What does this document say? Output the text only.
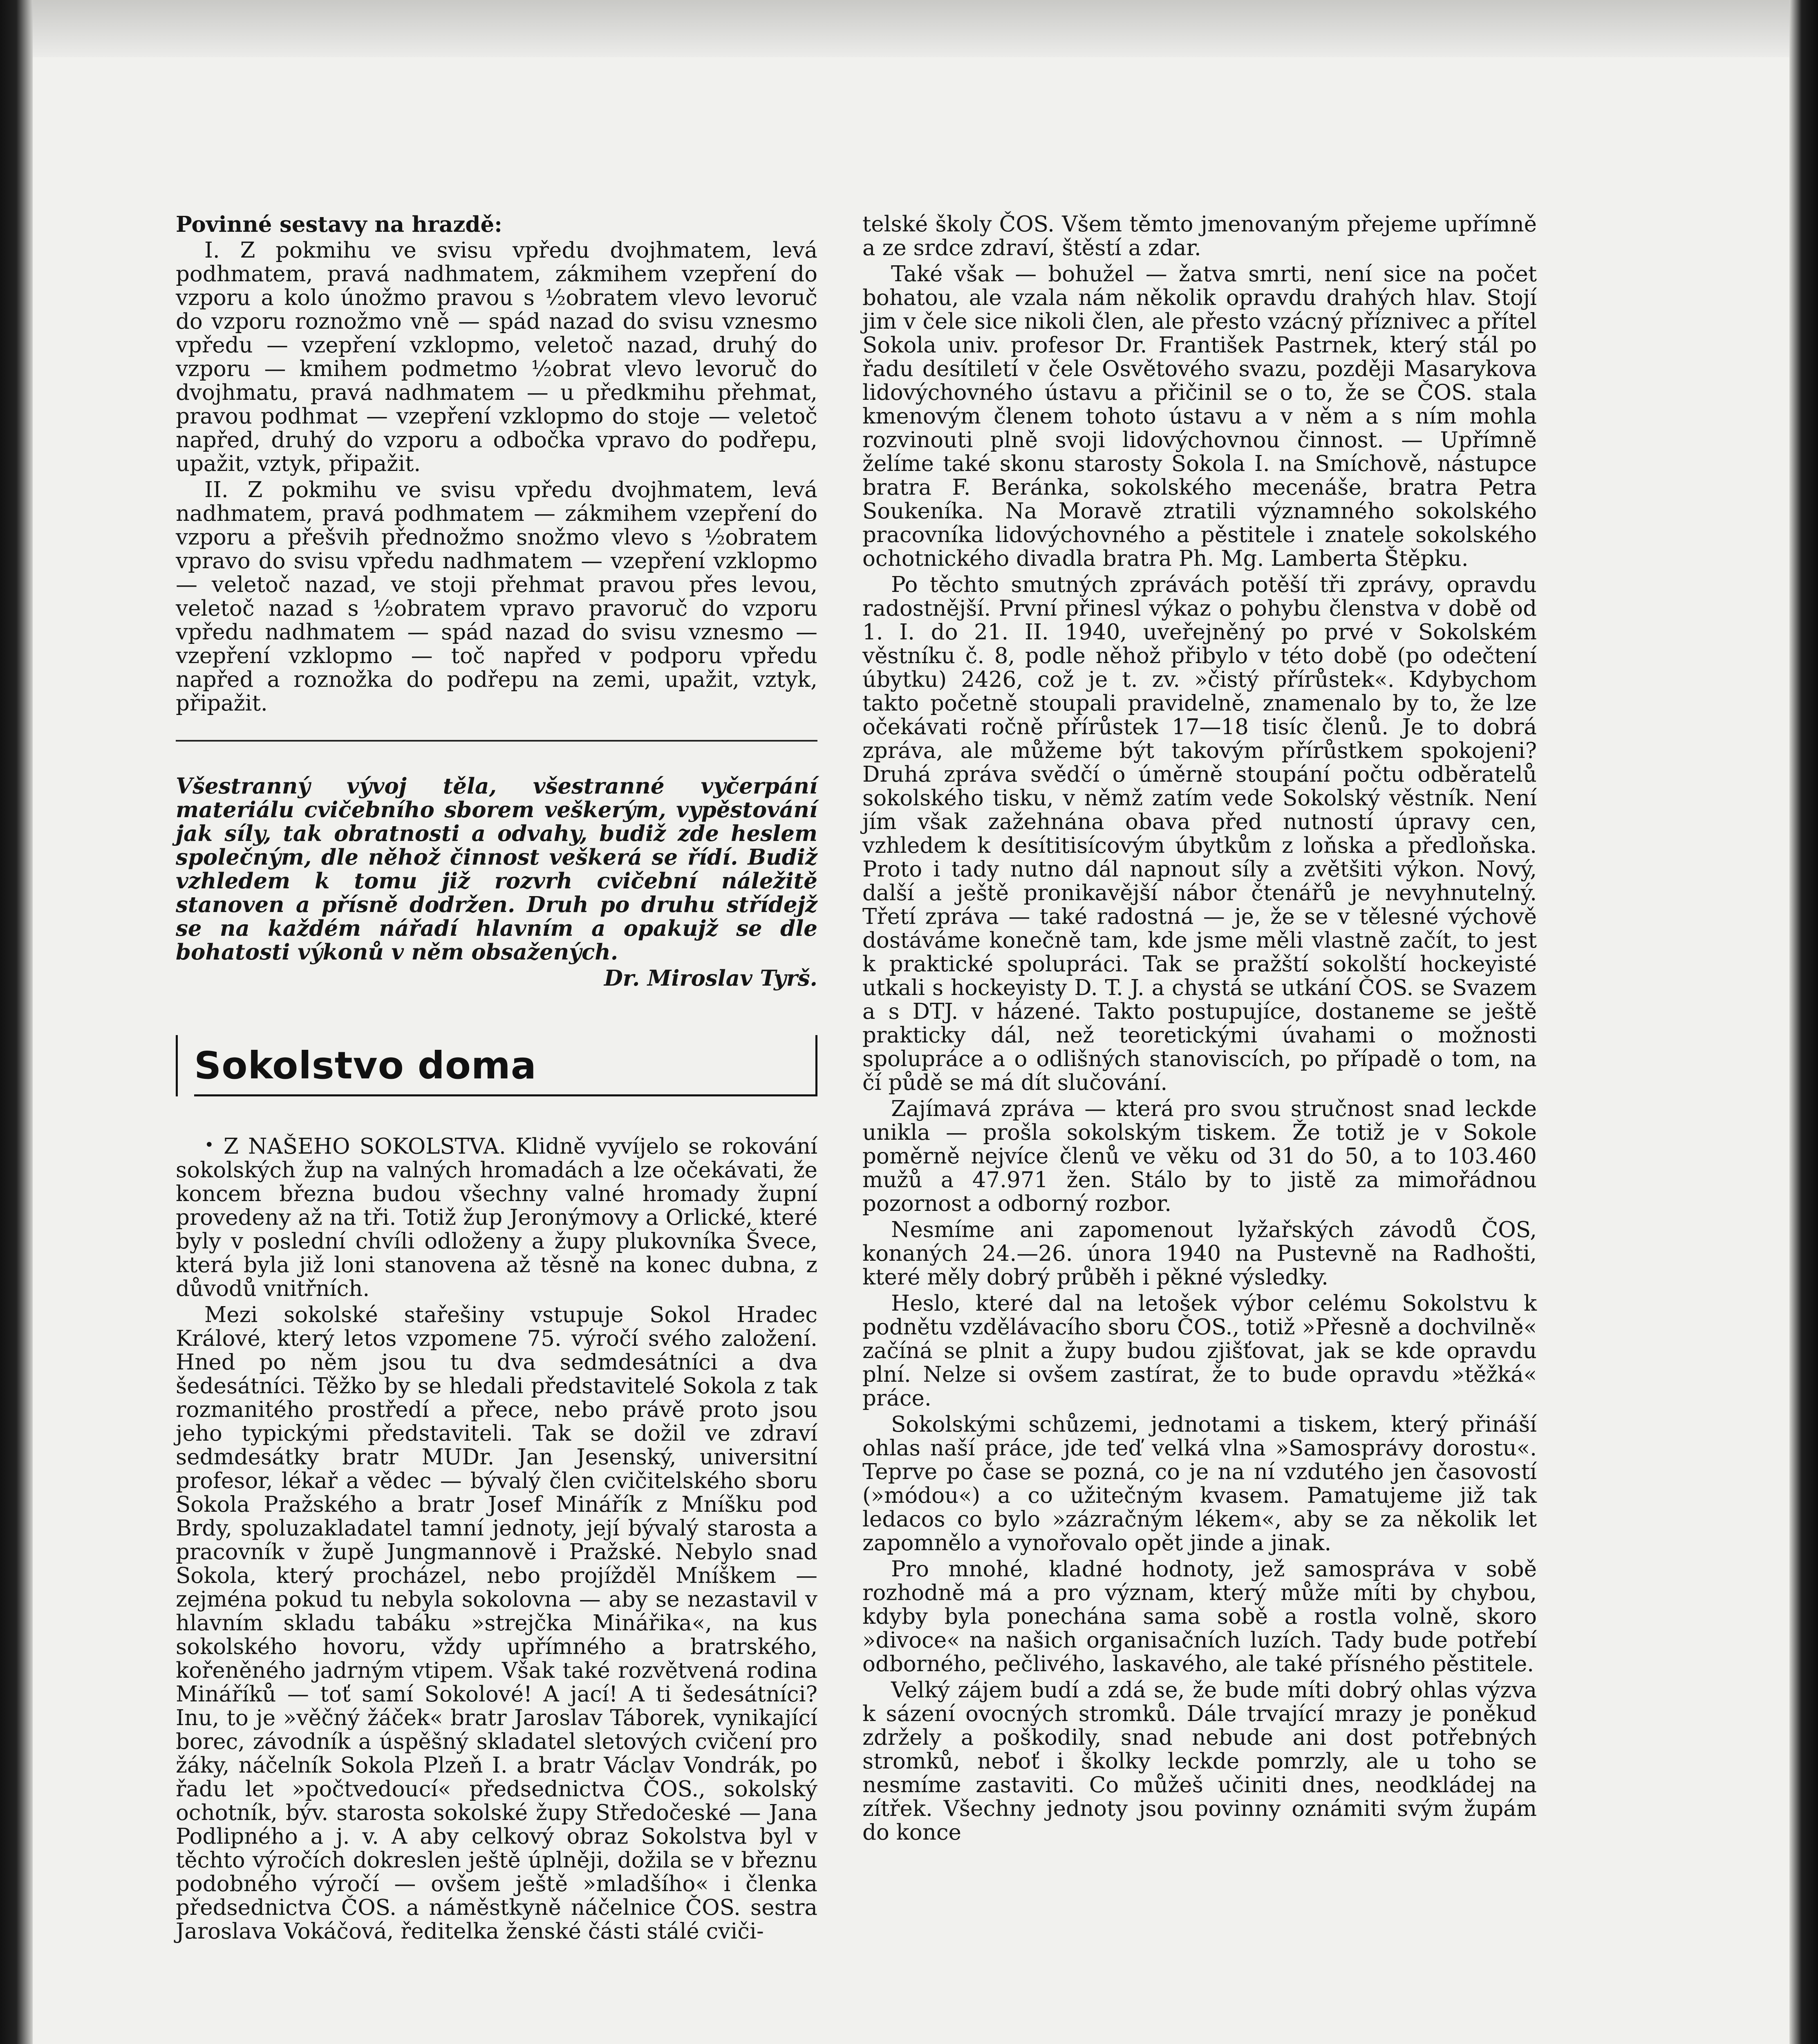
Povinné sestavy na hrazdě:

I. Z pokmihu ve svisu vpředu dvojhmatem, levá podhmatem, pravá nadhmatem, zákmihem vzepření do vzporu a kolo únožmo pravou s ½obratem vlevo levoruč do vzporu roznožmo vně — spád nazad do svisu vznesmo vpředu — vzepření vzklopmo, veletoč nazad, druhý do vzporu — kmihem podmetmo ½obrat vlevo levoruč do dvojhmatu, pravá nadhmatem — u předkmihu přehmat, pravou podhmat — vzepření vzklopmo do stoje — veletoč napřed, druhý do vzporu a odbočka vpravo do podřepu, upažit, vztyk, připažit.

II. Z pokmihu ve svisu vpředu dvojhmatem, levá nadhmatem, pravá podhmatem — zákmihem vzepření do vzporu a přešvih přednožmo snožmo vlevo s ½obratem vpravo do svisu vpředu nadhmatem — vzepření vzklopmo — veletoč nazad, ve stoji přehmat pravou přes levou, veletoč nazad s ½obratem vpravo pravoruč do vzporu vpředu nadhmatem — spád nazad do svisu vznesmo — vzepření vzklopmo — toč napřed v podporu vpředu napřed a roznožka do podřepu na zemi, upažit, vztyk, připažit.

Všestranný vývoj těla, všestranné vyčerpání materiálu cvičebního sborem veškerým, vypěstování jak síly, tak obratnosti a odvahy, budiž zde heslem společným, dle něhož činnost veškerá se řídí. Budiž vzhledem k tomu již rozvrh cvičební náležitě stanoven a přísně dodržen. Druh po druhu střídejž se na každém nářadí hlavním a opakujž se dle bohatosti výkonů v něm obsažených.

Dr. Miroslav Tyrš.
Sokolstvo doma

• Z NAŠEHO SOKOLSTVA. Klidně vyvíjelo se rokování sokolských žup na valných hromadách a lze očekávati, že koncem března budou všechny valné hromady župní provedeny až na tři. Totiž žup Jeronýmovy a Orlické, které byly v poslední chvíli odloženy a župy plukovníka Švece, která byla již loni stanovena až těsně na konec dubna, z důvodů vnitřních.

Mezi sokolské stařešiny vstupuje Sokol Hradec Králové, který letos vzpomene 75. výročí svého založení. Hned po něm jsou tu dva sedmdesátníci a dva šedesátníci. Těžko by se hledali představitelé Sokola z tak rozmanitého prostředí a přece, nebo právě proto jsou jeho typickými představiteli. Tak se dožil ve zdraví sedmdesátky bratr MUDr. Jan Jesenský, universitní profesor, lékař a vědec — bývalý člen cvičitelského sboru Sokola Pražského a bratr Josef Minářík z Mníšku pod Brdy, spoluzakladatel tamní jednoty, její bývalý starosta a pracovník v župě Jungmannově i Pražské. Nebylo snad Sokola, který procházel, nebo projížděl Mníškem — zejména pokud tu nebyla sokolovna — aby se nezastavil v hlavním skladu tabáku »strejčka Minářika«, na kus sokolského hovoru, vždy upřímného a bratrského, kořeněného jadrným vtipem. Však také rozvětvená rodina Mináříků — toť samí Sokolové! A jací! A ti šedesátníci? Inu, to je »věčný žáček« bratr Jaroslav Táborek, vynikající borec, závodník a úspěšný skladatel sletových cvičení pro žáky, náčelník Sokola Plzeň I. a bratr Václav Vondrák, po řadu let »počtvedoucí« předsednictva ČOS., sokolský ochotník, býv. starosta sokolské župy Středočeské — Jana Podlipného a j. v. A aby celkový obraz Sokolstva byl v těchto výročích dokreslen ještě úplněji, dožila se v březnu podobného výročí — ovšem ještě »mladšího« i členka předsednictva ČOS. a náměstkyně náčelnice ČOS. sestra Jaroslava Vokáčová, ředitelka ženské části stálé cviči-

telské školy ČOS. Všem těmto jmenovaným přejeme upřímně a ze srdce zdraví, štěstí a zdar.

Také však — bohužel — žatva smrti, není sice na počet bohatou, ale vzala nám několik opravdu drahých hlav. Stojí jim v čele sice nikoli člen, ale přesto vzácný příznivec a přítel Sokola univ. profesor Dr. František Pastrnek, který stál po řadu desítiletí v čele Osvětového svazu, později Masarykova lidovýchovného ústavu a přičinil se o to, že se ČOS. stala kmenovým členem tohoto ústavu a v něm a s ním mohla rozvinouti plně svoji lidovýchovnou činnost. — Upřímně želíme také skonu starosty Sokola I. na Smíchově, nástupce bratra F. Beránka, sokolského mecenáše, bratra Petra Soukeníka. Na Moravě ztratili významného sokolského pracovníka lidovýchovného a pěstitele i znatele sokolského ochotnického divadla bratra Ph. Mg. Lamberta Štěpku.

Po těchto smutných zprávách potěší tři zprávy, opravdu radostnější. První přinesl výkaz o pohybu členstva v době od 1. I. do 21. II. 1940, uveřejněný po prvé v Sokolském věstníku č. 8, podle něhož přibylo v této době (po odečtení úbytku) 2426, což je t. zv. »čistý přírůstek«. Kdybychom takto početně stoupali pravidelně, znamenalo by to, že lze očekávati ročně přírůstek 17—18 tisíc členů. Je to dobrá zpráva, ale můžeme být takovým přírůstkem spokojeni? Druhá zpráva svědčí o úměrně stoupání počtu odběratelů sokolského tisku, v němž zatím vede Sokolský věstník. Není jím však zažehnána obava před nutností úpravy cen, vzhledem k desítitisícovým úbytkům z loňska a předloňska. Proto i tady nutno dál napnout síly a zvětšiti výkon. Nový, další a ještě pronikavější nábor čtenářů je nevyhnutelný. Třetí zpráva — také radostná — je, že se v tělesné výchově dostáváme konečně tam, kde jsme měli vlastně začít, to jest k praktické spolupráci. Tak se pražští sokolští hockeyisté utkali s hockeyisty D. T. J. a chystá se utkání ČOS. se Svazem a s DTJ. v házené. Takto postupujíce, dostaneme se ještě prakticky dál, než teoretickými úvahami o možnosti spolupráce a o odlišných stanoviscích, po případě o tom, na čí půdě se má dít slučování.

Zajímavá zpráva — která pro svou stručnost snad leckde unikla — prošla sokolským tiskem. Že totiž je v Sokole poměrně nejvíce členů ve věku od 31 do 50, a to 103.460 mužů a 47.971 žen. Stálo by to jistě za mimořádnou pozornost a odborný rozbor.

Nesmíme ani zapomenout lyžařských závodů ČOS, konaných 24.—26. února 1940 na Pustevně na Radhošti, které měly dobrý průběh i pěkné výsledky.

Heslo, které dal na letošek výbor celému Sokolstvu k podnětu vzdělávacího sboru ČOS., totiž »Přesně a dochvilně« začíná se plnit a župy budou zjišťovat, jak se kde opravdu plní. Nelze si ovšem zastírat, že to bude opravdu »těžká« práce.

Sokolskými schůzemi, jednotami a tiskem, který přináší ohlas naší práce, jde teď velká vlna »Samosprávy dorostu«. Teprve po čase se pozná, co je na ní vzdutého jen časovostí (»módou«) a co užitečným kvasem. Pamatujeme již tak ledacos co bylo »zázračným lékem«, aby se za několik let zapomnělo a vynořovalo opět jinde a jinak.

Pro mnohé, kladné hodnoty, jež samospráva v sobě rozhodně má a pro význam, který může míti by chybou, kdyby byla ponechána sama sobě a rostla volně, skoro »divoce« na našich organisačních luzích. Tady bude potřebí odborného, pečlivého, laskavého, ale také přísného pěstitele.

Velký zájem budí a zdá se, že bude míti dobrý ohlas výzva k sázení ovocných stromků. Dále trvající mrazy je poněkud zdržely a poškodily, snad nebude ani dost potřebných stromků, neboť i školky leckde pomrzly, ale u toho se nesmíme zastaviti. Co můžeš učiniti dnes, neodkládej na zítřek. Všechny jednoty jsou povinny oznámiti svým župám do konce
